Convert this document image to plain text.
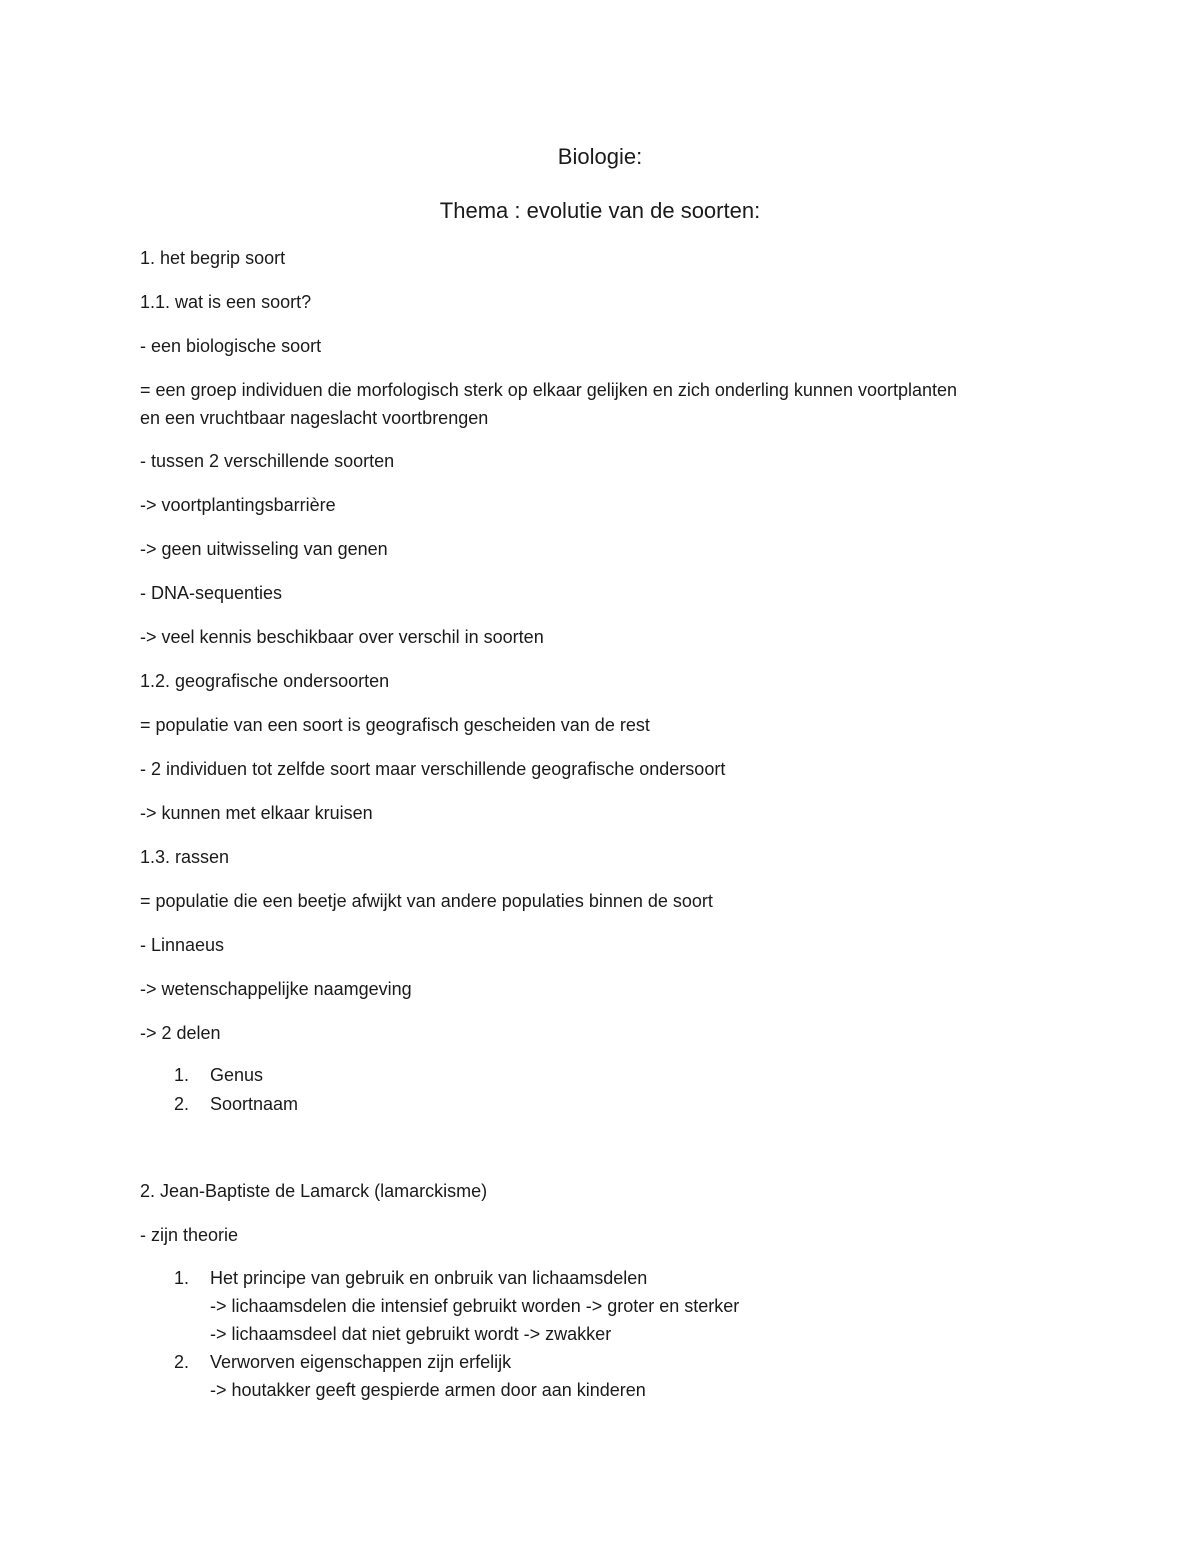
Biologie:

Thema : evolutie van de soorten:

1. het begrip soort

1.1. wat is een soort?

- een biologische soort

= een groep individuen die morfologisch sterk op elkaar gelijken en zich onderling kunnen voortplanten
en een vruchtbaar nageslacht voortbrengen

- tussen 2 verschillende soorten

-> voortplantingsbarrière

-> geen uitwisseling van genen

- DNA-sequenties

-> veel kennis beschikbaar over verschil in soorten

1.2. geografische ondersoorten

= populatie van een soort is geografisch gescheiden van de rest

- 2 individuen tot zelfde soort maar verschillende geografische ondersoort

-> kunnen met elkaar kruisen

1.3. rassen

= populatie die een beetje afwijkt van andere populaties binnen de soort

- Linnaeus

-> wetenschappelijke naamgeving

-> 2 delen

1. Genus
2. Soortnaam

2. Jean-Baptiste de Lamarck (lamarckisme)

- zijn theorie

1. Het principe van gebruik en onbruik van lichaamsdelen
-> lichaamsdelen die intensief gebruikt worden -> groter en sterker
-> lichaamsdeel dat niet gebruikt wordt -> zwakker
2. Verworven eigenschappen zijn erfelijk
-> houtakker geeft gespierde armen door aan kinderen
